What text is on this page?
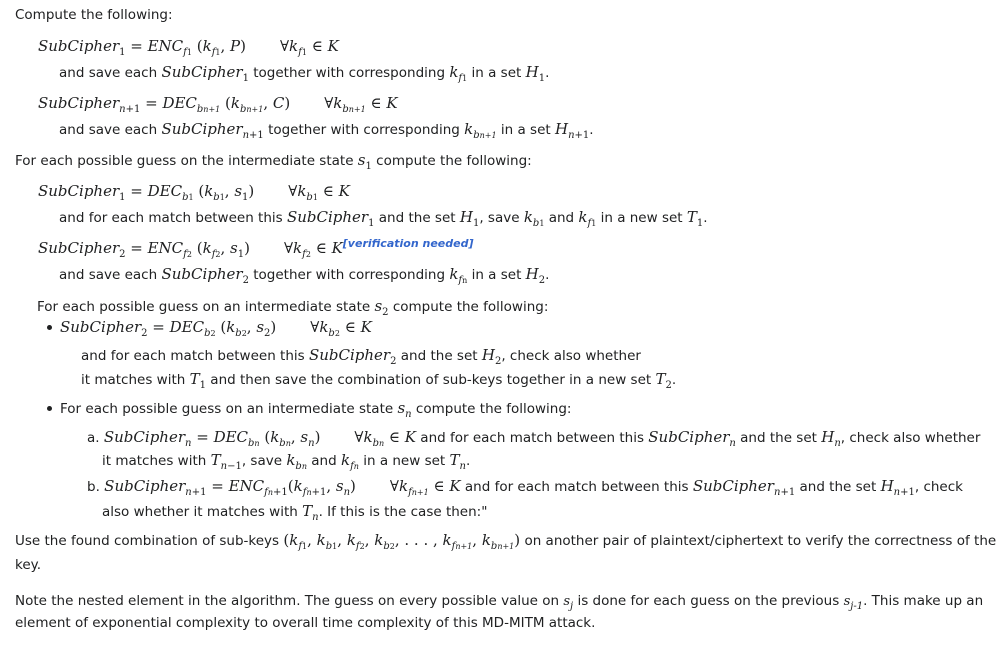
Compute the following:
SubCipher$_1$ = $ENC_{f1}$ ($k_{f1}$, P) $\forall k_{f1}$ ∈ K
and save each SubCipher$_1$ together with corresponding $k_{f1}$ in a set $H_1$.
SubCipher$_{n+1}$ = $DEC_{bn+1}$ ($k_{bn+1}$, C) $\forall k_{bn+1}$ ∈ K
and save each SubCipher$_{n+1}$ together with corresponding $k_{bn+1}$ in a set $H_{n+1}$.
For each possible guess on the intermediate state $s_1$ compute the following:
SubCipher$_1$ = $DEC_{b1}$ ($k_{b1}$, $s_1$) $\forall k_{b1}$ ∈ K
and for each match between this SubCipher$_1$ and the set $H_1$, save $k_{b1}$ and $k_{f1}$ in a new set $T_1$.
SubCipher$_2$ = $ENC_{f2}$ ($k_{f2}$, $s_1$) $\forall k_{f2}$ ∈ K[verification needed]
and save each SubCipher$_2$ together with corresponding $k_{fn}$ in a set $H_2$.
For each possible guess on an intermediate state $s_2$ compute the following:
SubCipher$_2$ = $DEC_{b2}$ ($k_{b2}$, $s_2$) $\forall k_{b2}$ ∈ K
and for each match between this SubCipher$_2$ and the set $H_2$, check also whether
it matches with $T_1$ and then save the combination of sub-keys together in a new set $T_2$.
For each possible guess on an intermediate state $s_n$ compute the following:
a. SubCipher$_n$ = $DEC_{bn}$ ($k_{bn}$, $s_n$) $\forall k_{bn}$ ∈ K and for each match between this SubCipher$_n$ and the set $H_n$, check also whether
it matches with $T_{n-1}$, save $k_{bn}$ and $k_{fn}$ in a new set $T_n$.
b. SubCipher$_{n+1}$ = $ENC_{fn+1}(k_{fn+1}$, $s_n$) $\forall k_{fn+1}$ ∈ K and for each match between this SubCipher$_{n+1}$ and the set $H_{n+1}$, check
also whether it matches with $T_n$. If this is the case then:"
Use the found combination of sub-keys ($k_{f1}$, $k_{b1}$, $k_{f2}$, $k_{b2}$, . . . , $k_{fn+1}$, $k_{bn+1}$) on another pair of plaintext/ciphertext to verify the correctness of the
key.
Note the nested element in the algorithm. The guess on every possible value on $s_j$ is done for each guess on the previous $s_{j-1}$. This make up an
element of exponential complexity to overall time complexity of this MD-MITM attack.
